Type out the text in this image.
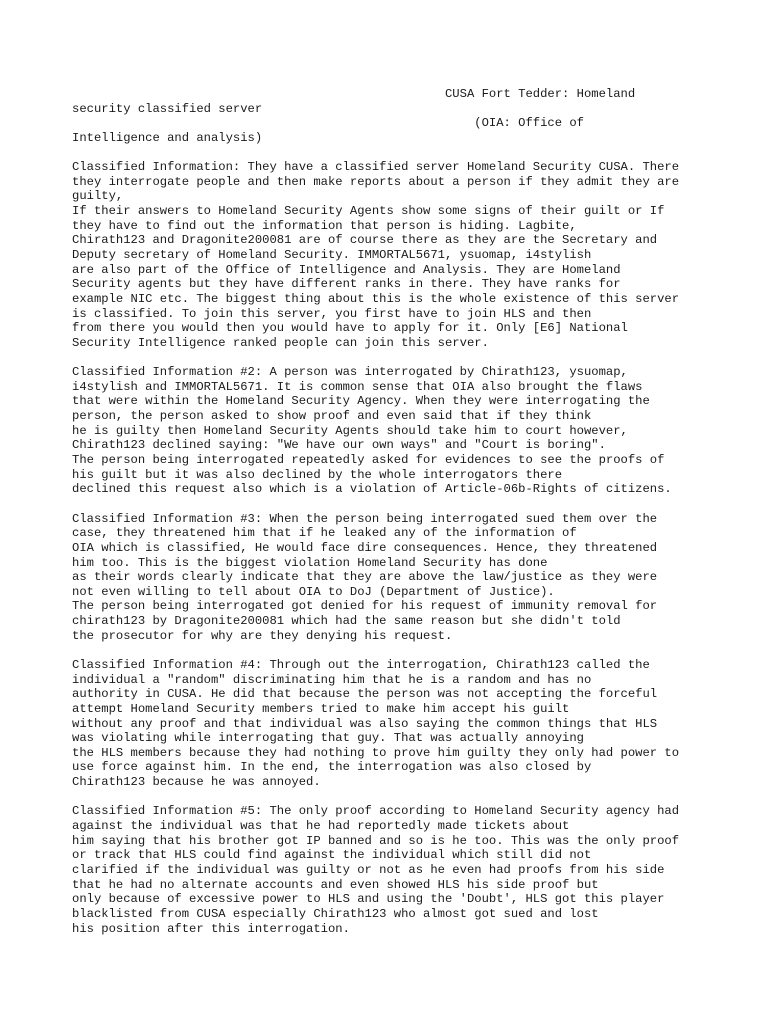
CUSA Fort Tedder: Homeland
security classified server
(OIA: Office of
Intelligence and analysis)
Classified Information: They have a classified server Homeland Security CUSA. There
they interrogate people and then make reports about a person if they admit they are
guilty,
If their answers to Homeland Security Agents show some signs of their guilt or If
they have to find out the information that person is hiding. Lagbite,
Chirath123 and Dragonite200081 are of course there as they are the Secretary and
Deputy secretary of Homeland Security. IMMORTAL5671, ysuomap, i4stylish
are also part of the Office of Intelligence and Analysis. They are Homeland
Security agents but they have different ranks in there. They have ranks for
example NIC etc. The biggest thing about this is the whole existence of this server
is classified. To join this server, you first have to join HLS and then
from there you would then you would have to apply for it. Only [E6] National
Security Intelligence ranked people can join this server.
Classified Information #2: A person was interrogated by Chirath123, ysuomap,
i4stylish and IMMORTAL5671. It is common sense that OIA also brought the flaws
that were within the Homeland Security Agency. When they were interrogating the
person, the person asked to show proof and even said that if they think
he is guilty then Homeland Security Agents should take him to court however,
Chirath123 declined saying: "We have our own ways" and "Court is boring".
The person being interrogated repeatedly asked for evidences to see the proofs of
his guilt but it was also declined by the whole interrogators there
declined this request also which is a violation of Article-06b-Rights of citizens.
Classified Information #3: When the person being interrogated sued them over the
case, they threatened him that if he leaked any of the information of
OIA which is classified, He would face dire consequences. Hence, they threatened
him too. This is the biggest violation Homeland Security has done
as their words clearly indicate that they are above the law/justice as they were
not even willing to tell about OIA to DoJ (Department of Justice).
The person being interrogated got denied for his request of immunity removal for
chirath123 by Dragonite200081 which had the same reason but she didn't told
the prosecutor for why are they denying his request.
Classified Information #4: Through out the interrogation, Chirath123 called the
individual a "random" discriminating him that he is a random and has no
authority in CUSA. He did that because the person was not accepting the forceful
attempt Homeland Security members tried to make him accept his guilt
without any proof and that individual was also saying the common things that HLS
was violating while interrogating that guy. That was actually annoying
the HLS members because they had nothing to prove him guilty they only had power to
use force against him. In the end, the interrogation was also closed by
Chirath123 because he was annoyed.
Classified Information #5: The only proof according to Homeland Security agency had
against the individual was that he had reportedly made tickets about
him saying that his brother got IP banned and so is he too. This was the only proof
or track that HLS could find against the individual which still did not
clarified if the individual was guilty or not as he even had proofs from his side
that he had no alternate accounts and even showed HLS his side proof but
only because of excessive power to HLS and using the 'Doubt', HLS got this player
blacklisted from CUSA especially Chirath123 who almost got sued and lost
his position after this interrogation.
